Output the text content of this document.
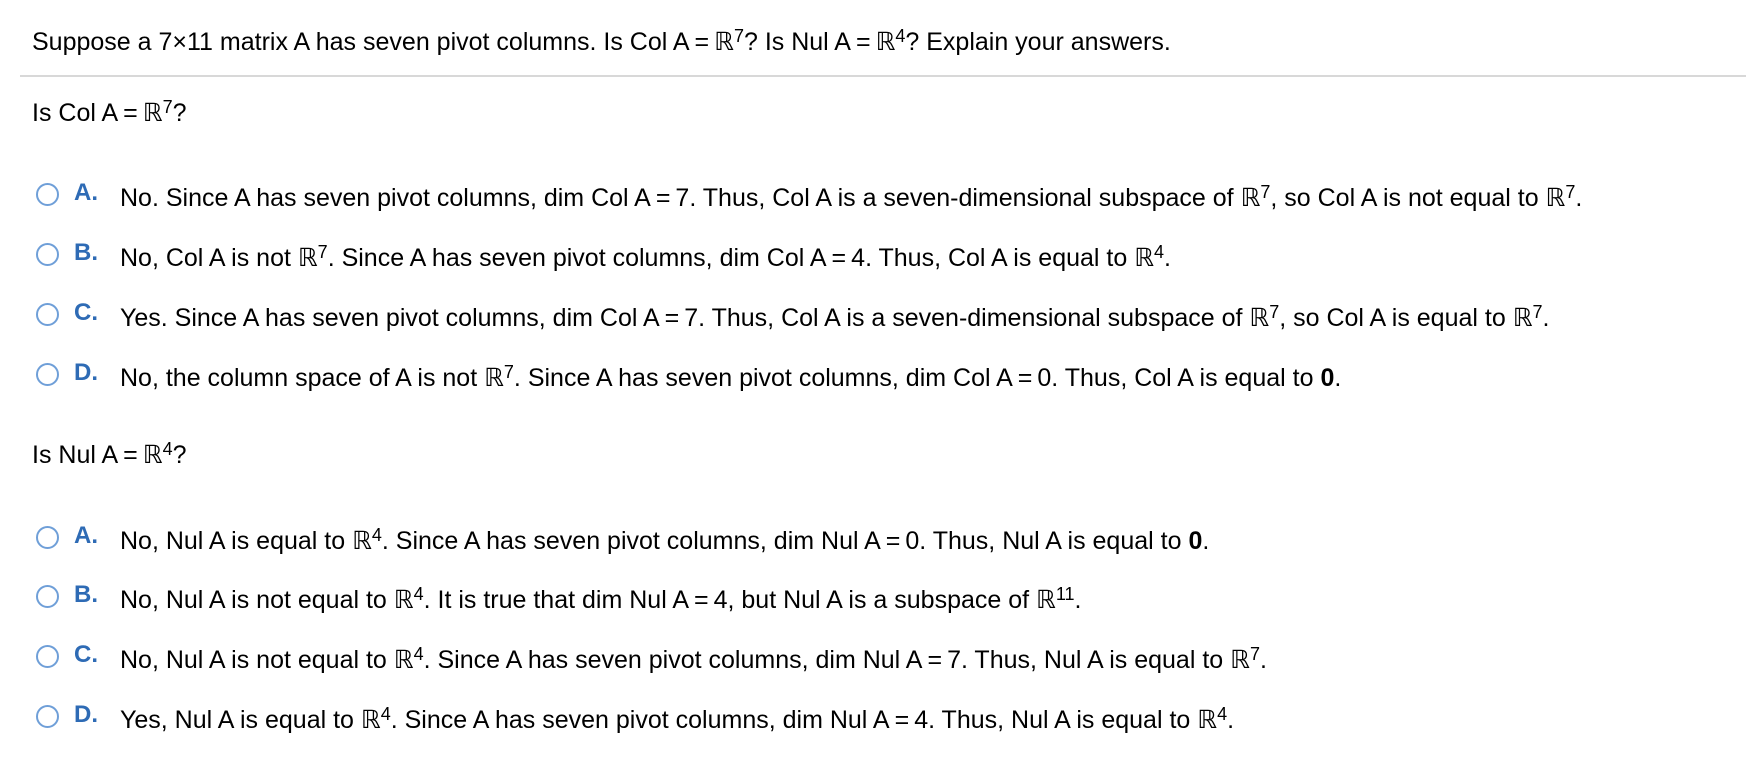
Suppose a 7×11 matrix A has seven pivot columns. Is Col A = ℝ$^7$? Is Nul A = ℝ$^4$? Explain your answers.
Is Col A = ℝ$^7$?
A. No. Since A has seven pivot columns, dim Col A = 7. Thus, Col A is a seven-dimensional subspace of ℝ$^7$, so Col A is not equal to ℝ$^7$.
B. No, Col A is not ℝ$^7$. Since A has seven pivot columns, dim Col A = 4. Thus, Col A is equal to ℝ$^4$.
C. Yes. Since A has seven pivot columns, dim Col A = 7. Thus, Col A is a seven-dimensional subspace of ℝ$^7$, so Col A is equal to ℝ$^7$.
D. No, the column space of A is not ℝ$^7$. Since A has seven pivot columns, dim Col A = 0. Thus, Col A is equal to 0.
Is Nul A = ℝ$^4$?
A. No, Nul A is equal to ℝ$^4$. Since A has seven pivot columns, dim Nul A = 0. Thus, Nul A is equal to 0.
B. No, Nul A is not equal to ℝ$^4$. It is true that dim Nul A = 4, but Nul A is a subspace of ℝ$^{11}$.
C. No, Nul A is not equal to ℝ$^4$. Since A has seven pivot columns, dim Nul A = 7. Thus, Nul A is equal to ℝ$^7$.
D. Yes, Nul A is equal to ℝ$^4$. Since A has seven pivot columns, dim Nul A = 4. Thus, Nul A is equal to ℝ$^4$.
